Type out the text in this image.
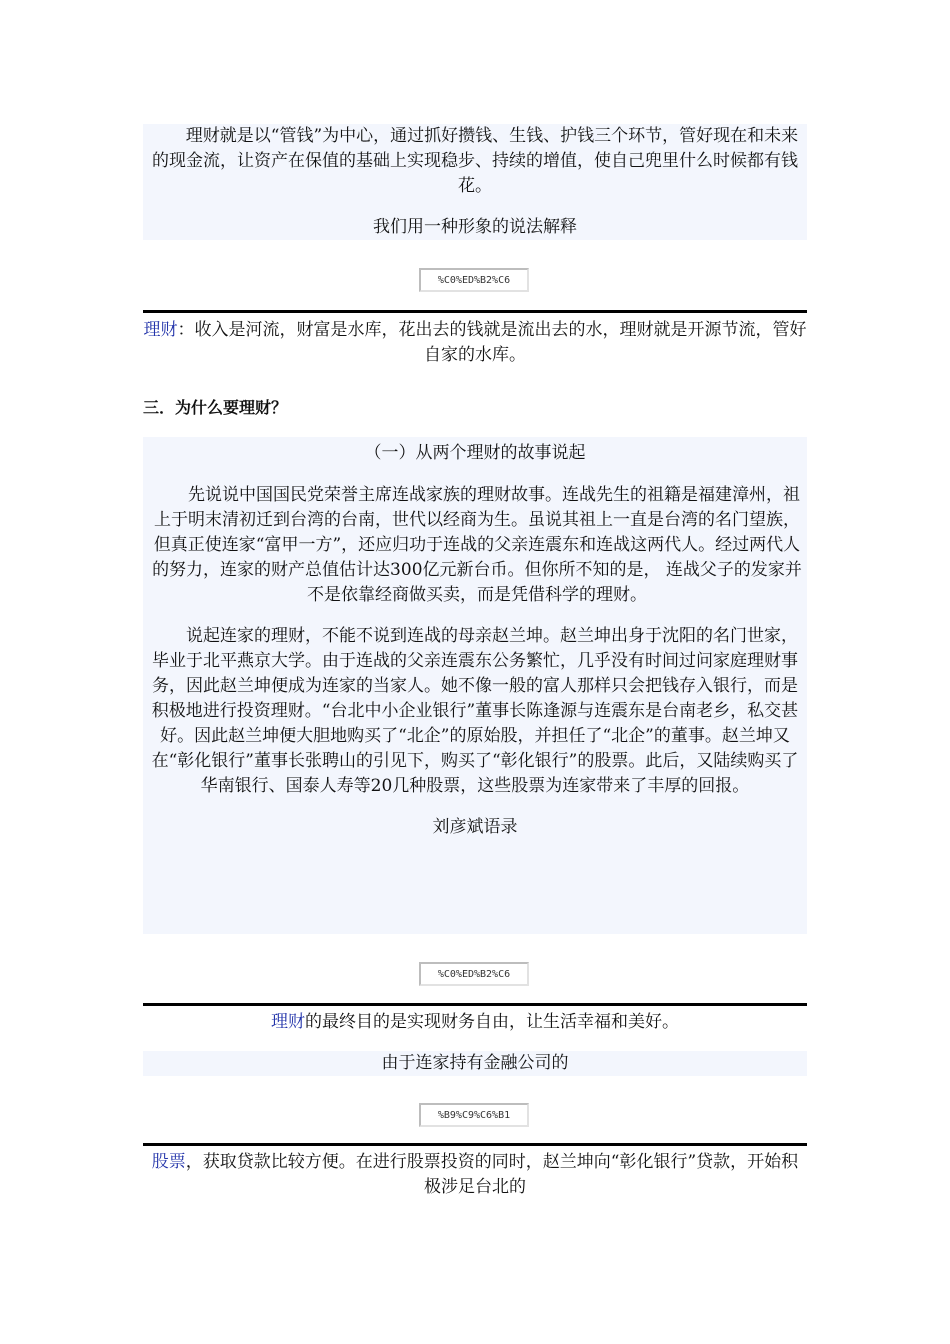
理财就是以“管钱”为中心，通过抓好攒钱、生钱、护钱三个环节，管好现在和未来的现金流，让资产在保值的基础上实现稳步、持续的增值，使自己兜里什么时候都有钱花。

我们用一种形象的说法解释

%C0%ED%B2%C6

理财：收入是河流，财富是水库，花出去的钱就是流出去的水，理财就是开源节流，管好自家的水库。

三．为什么要理财？

（一）从两个理财的故事说起

先说说中国国民党荣誉主席连战家族的理财故事。连战先生的祖籍是福建漳州，祖上于明末清初迁到台湾的台南，世代以经商为生。虽说其祖上一直是台湾的名门望族，但真正使连家“富甲一方”，还应归功于连战的父亲连震东和连战这两代人。经过两代人的努力，连家的财产总值估计达300亿元新台币。但你所不知的是， 连战父子的发家并不是依靠经商做买卖，而是凭借科学的理财。

说起连家的理财，不能不说到连战的母亲赵兰坤。赵兰坤出身于沈阳的名门世家，毕业于北平燕京大学。由于连战的父亲连震东公务繁忙，几乎没有时间过问家庭理财事务，因此赵兰坤便成为连家的当家人。她不像一般的富人那样只会把钱存入银行，而是积极地进行投资理财。“台北中小企业银行”董事长陈逢源与连震东是台南老乡，私交甚好。因此赵兰坤便大胆地购买了“北企”的原始股，并担任了“北企”的董事。赵兰坤又在“彰化银行”董事长张聘山的引见下，购买了“彰化银行”的股票。此后，又陆续购买了华南银行、国泰人寿等20几种股票，这些股票为连家带来了丰厚的回报。

刘彦斌语录

%C0%ED%B2%C6

理财的最终目的是实现财务自由，让生活幸福和美好。

由于连家持有金融公司的

%B9%C9%C6%B1

股票，获取贷款比较方便。在进行股票投资的同时，赵兰坤向“彰化银行”贷款，开始积极涉足台北的
